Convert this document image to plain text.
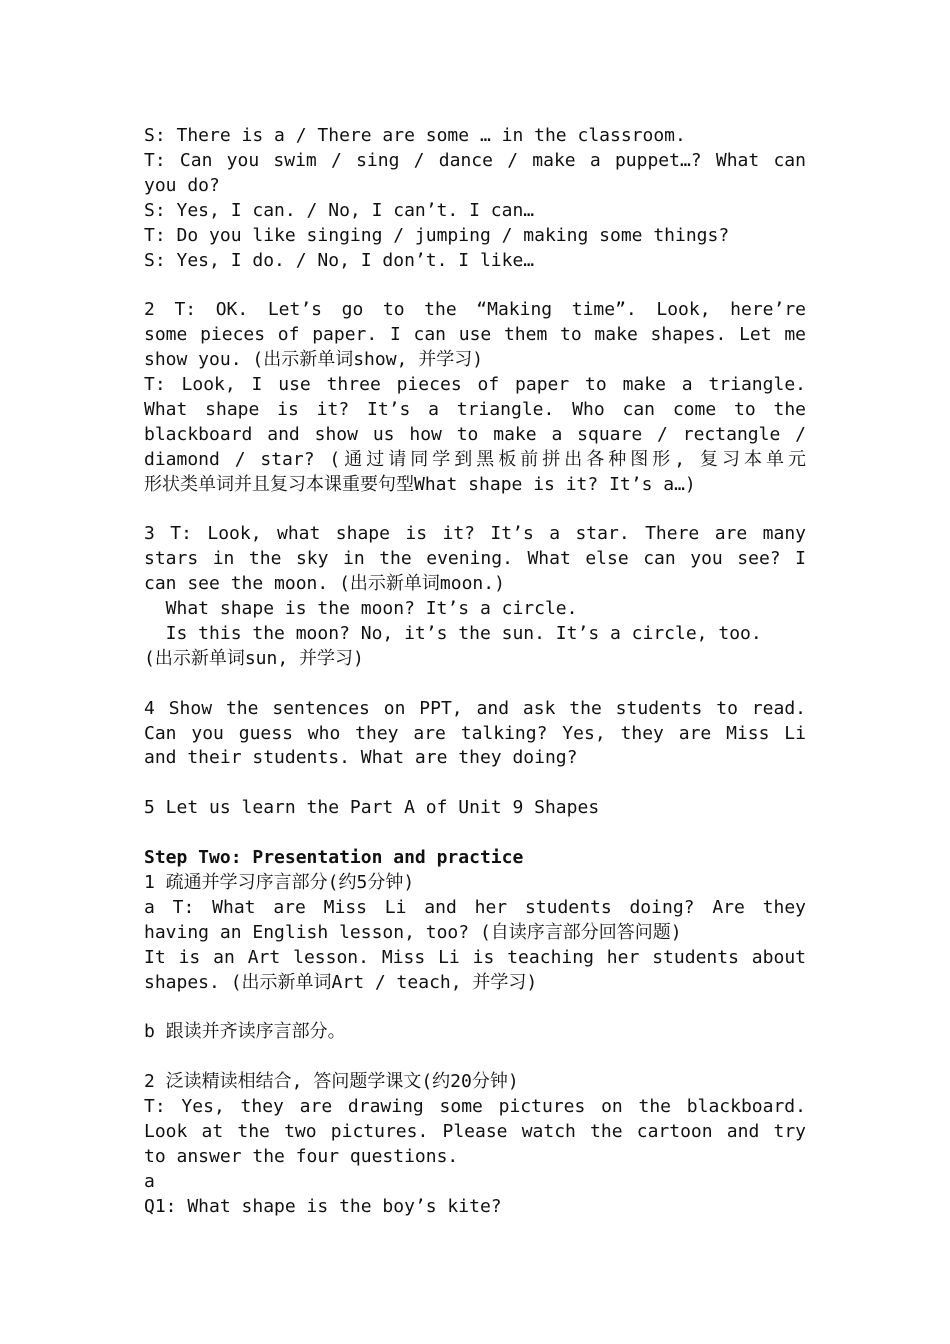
S: There is a / There are some … in the classroom.
T: Can you swim / sing / dance / make a puppet…? What can
you do?
S: Yes, I can. / No, I can’t. I can…
T: Do you like singing / jumping / making some things?
S: Yes, I do. / No, I don’t. I like…
2 T: OK. Let’s go to the “Making time”. Look, here’re
some pieces of paper. I can use them to make shapes. Let me
show you. (出示新单词show, 并学习)
T: Look, I use three pieces of paper to make a triangle.
What shape is it? It’s a triangle. Who can come to the
blackboard and show us how to make a square / rectangle /
diamond / star? (通过请同学到黑板前拼出各种图形, 复习本单元
形状类单词并且复习本课重要句型What shape is it? It’s a…)
3 T: Look, what shape is it? It’s a star. There are many
stars in the sky in the evening. What else can you see? I
can see the moon. (出示新单词moon.)
What shape is the moon? It’s a circle.
Is this the moon? No, it’s the sun. It’s a circle, too.
(出示新单词sun, 并学习)
4 Show the sentences on PPT, and ask the students to read.
Can you guess who they are talking? Yes, they are Miss Li
and their students. What are they doing?
5 Let us learn the Part A of Unit 9 Shapes
Step Two: Presentation and practice
1 疏通并学习序言部分(约5分钟)
a T: What are Miss Li and her students doing? Are they
having an English lesson, too? (自读序言部分回答问题)
It is an Art lesson. Miss Li is teaching her students about
shapes. (出示新单词Art / teach, 并学习)
b 跟读并齐读序言部分。
2 泛读精读相结合, 答问题学课文(约20分钟)
T: Yes, they are drawing some pictures on the blackboard.
Look at the two pictures. Please watch the cartoon and try
to answer the four questions.
a
Q1: What shape is the boy’s kite?
